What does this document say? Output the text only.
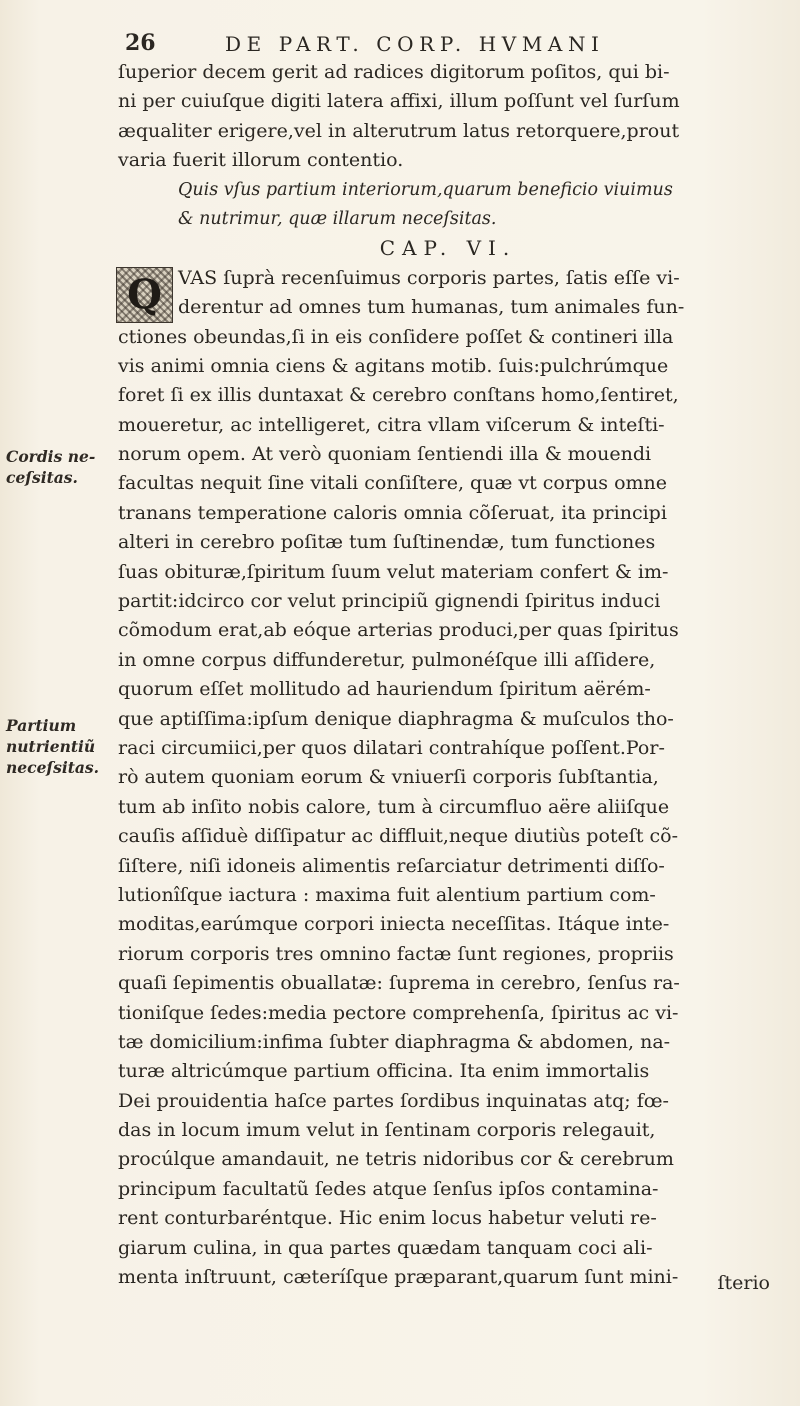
26	DE PART. CORP. HVMANI
Cordis ne-
ceſsitas.
Partium
nutrientiũ
neceſsitas.
ſuperior decem gerit ad radices digitorum poſitos, qui bi-
ni per cuiuſque digiti latera affixi, illum poſſunt vel ſurſum
æqualiter erigere,vel in alterutrum latus retorquere,prout
varia fuerit illorum contentio.
Quis vſus partium interiorum,quarum beneficio viuimus
& nutrimur, quæ illarum neceſsitas.
CAP. VI.
Q VAS ſuprà recenſuimus corporis partes, ſatis eſſe vi-
derentur ad omnes tum humanas, tum animales fun-
ctiones obeundas,ſi in eis conſidere poſſet & contineri illa
vis animi omnia ciens & agitans motib. ſuis:pulchrúmque
foret ſi ex illis duntaxat & cerebro conſtans homo,ſentiret,
moueretur, ac intelligeret, citra vllam viſcerum & inteſti-
norum opem. At verò quoniam ſentiendi illa & mouendi
facultas nequit ſine vitali conſiſtere, quæ vt corpus omne
tranans temperatione caloris omnia cõſeruat, ita principi
alteri in cerebro poſitæ tum ſuſtinendæ, tum functiones
ſuas obituræ,ſpiritum ſuum velut materiam confert & im-
partit:idcirco cor velut principiũ gignendi ſpiritus induci
cõmodum erat,ab eóque arterias produci,per quas ſpiritus
in omne corpus diffunderetur, pulmonéſque illi aſſidere,
quorum eſſet mollitudo ad hauriendum ſpiritum aërém-
que aptiſſima:ipſum denique diaphragma & muſculos tho-
raci circumiici,per quos dilatari contrahíque poſſent.Por-
rò autem quoniam eorum & vniuerſi corporis ſubſtantia,
tum ab inſito nobis calore, tum à circumfluo aëre aliiſque
cauſis aſſiduè diſſipatur ac diffluit,neque diutiùs poteſt cõ-
ſiſtere, niſi idoneis alimentis reſarciatur detrimenti diſſo-
lutionîſque iactura : maxima fuit alentium partium com-
moditas,earúmque corpori iniecta neceſſitas. Itáque inte-
riorum corporis tres omnino factæ ſunt regiones, propriis
quaſi ſepimentis obuallatæ: ſuprema in cerebro, ſenſus ra-
tioniſque ſedes:media pectore comprehenſa, ſpiritus ac vi-
tæ domicilium:infima ſubter diaphragma & abdomen, na-
turæ altricúmque partium officina. Ita enim immortalis
Dei prouidentia haſce partes ſordibus inquinatas atq; fœ-
das in locum imum velut in ſentinam corporis relegauit,
procúlque amandauit, ne tetris nidoribus cor & cerebrum
principum facultatũ ſedes atque ſenſus ipſos contamina-
rent conturbaréntque. Hic enim locus habetur veluti re-
giarum culina, in qua partes quædam tanquam coci ali-
menta inſtruunt, cæteríſque præparant,quarum ſunt mini-	ſterio
